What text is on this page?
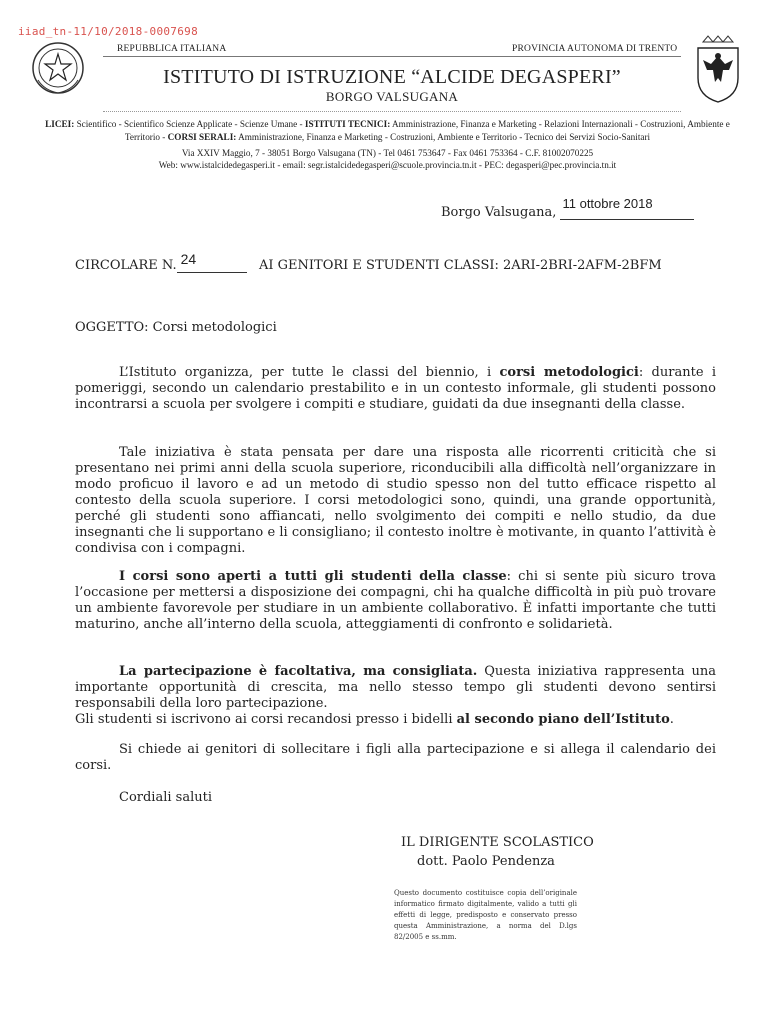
iiad_tn-11/10/2018-0007698
REPUBBLICA ITALIANA	PROVINCIA AUTONOMA DI TRENTO
ISTITUTO DI ISTRUZIONE “ALCIDE DEGASPERI”
BORGO VALSUGANA
LICEI: Scientifico - Scientifico Scienze Applicate - Scienze Umane - ISTITUTI TECNICI: Amministrazione, Finanza e Marketing - Relazioni Internazionali - Costruzioni, Ambiente e Territorio - CORSI SERALI: Amministrazione, Finanza e Marketing - Costruzioni, Ambiente e Territorio - Tecnico dei Servizi Socio-Sanitari
Via XXIV Maggio, 7 - 38051 Borgo Valsugana (TN) - Tel 0461 753647 - Fax 0461 753364 - C.F. 81002070225
Web: www.istalcidedegasperi.it - email: segr.istalcidedegasperi@scuole.provincia.tn.it - PEC: degasperi@pec.provincia.tn.it
Borgo Valsugana,
11 ottobre 2018
CIRCOLARE N. 24	AI GENITORI E STUDENTI CLASSI: 2ARI-2BRI-2AFM-2BFM
OGGETTO: Corsi metodologici
L’Istituto organizza, per tutte le classi del biennio, i corsi metodologici: durante i pomeriggi, secondo un calendario prestabilito e in un contesto informale, gli studenti possono incontrarsi a scuola per svolgere i compiti e studiare, guidati da due insegnanti della classe.
Tale iniziativa è stata pensata per dare una risposta alle ricorrenti criticità che si presentano nei primi anni della scuola superiore, riconducibili alla difficoltà nell’organizzare in modo proficuo il lavoro e ad un metodo di studio spesso non del tutto efficace rispetto al contesto della scuola superiore. I corsi metodologici sono, quindi, una grande opportunità, perché gli studenti sono affiancati, nello svolgimento dei compiti e nello studio, da due insegnanti che li supportano e li consigliano; il contesto inoltre è motivante, in quanto l’attività è condivisa con i compagni.
I corsi sono aperti a tutti gli studenti della classe: chi si sente più sicuro trova l’occasione per mettersi a disposizione dei compagni, chi ha qualche difficoltà in più può trovare un ambiente favorevole per studiare in un ambiente collaborativo. È infatti importante che tutti maturino, anche all’interno della scuola, atteggiamenti di confronto e solidarietà.
La partecipazione è facoltativa, ma consigliata. Questa iniziativa rappresenta una importante opportunità di crescita, ma nello stesso tempo gli studenti devono sentirsi responsabili della loro partecipazione.
Gli studenti si iscrivono ai corsi recandosi presso i bidelli al secondo piano dell’Istituto.
Si chiede ai genitori di sollecitare i figli alla partecipazione e si allega il calendario dei corsi.
Cordiali saluti
IL DIRIGENTE SCOLASTICO
dott. Paolo Pendenza
Questo documento costituisce copia dell’originale informatico firmato digitalmente, valido a tutti gli effetti di legge, predisposto e conservato presso questa Amministrazione, a norma del D.lgs 82/2005 e ss.mm.
